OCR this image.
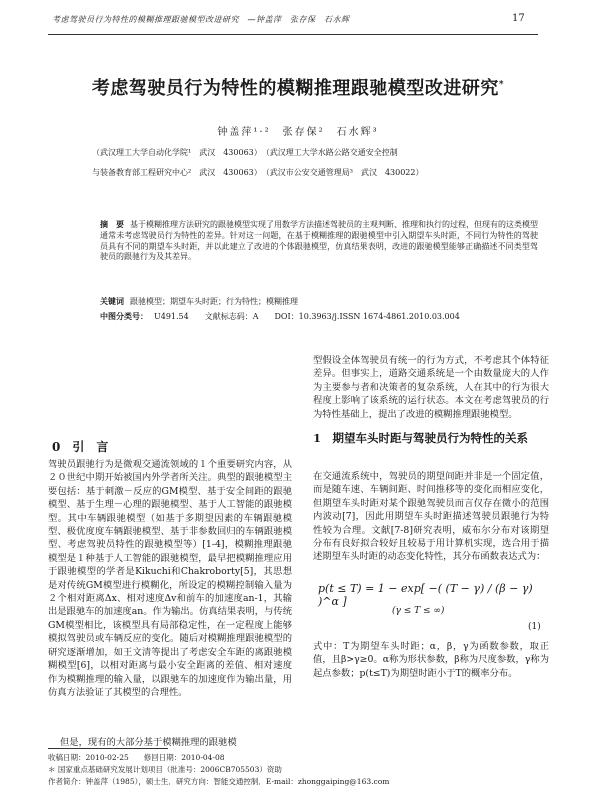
考虑驾驶员行为特性的模糊推理跟驰模型改进研究　—钟盖萍　张存保　石水辉	17
考虑驾驶员行为特性的模糊推理跟驰模型改进研究*
钟盖萍¹·²　张存保²　石水辉³
（武汉理工大学自动化学院¹　武汉　430063）　（武汉理工大学水路公路交通安全控制
与装备教育部工程研究中心²　武汉　430063）　（武汉市公安交通管理局³　武汉　430022）
摘　要 基于模糊推理方法研究的跟驰模型实现了用数学方法描述驾驶员的主观判断、推理和执行的过程，但现有的这类模型通常未考虑驾驶员行为特性的差异。针对这一问题，在基于模糊推理的跟驰模型中引入期望车头时距，不同行为特性的驾驶员具有不同的期望车头时距，并以此建立了改进的个体跟驰模型，仿真结果表明，改进的跟驰模型能够正确描述不同类型驾驶员的跟驰行为及其差异。
关键词 跟驰模型；期望车头时距；行为特性；模糊推理
中图分类号： U491.54　　文献标志码：A　　DOI：10.3963/j.ISSN 1674-4861.2010.03.004
0　引　言
驾驶员跟驰行为是微观交通流领域的１个重要研究内容，从２０世纪中期开始被国内外学者所关注。典型的跟驰模型主要包括：基于刺激－反应的GM模型、基于安全间距的跟驰模型、基于生理－心理的跟驰模型、基于人工智能的跟驰模型。其中车辆跟驰模型（如基于多期望因素的车辆跟驰模型、极优度度车辆跟驰模型、基于非参数回归的车辆跟驰模型、考虑驾驶员特性的跟驰模型等）[1-4]，模糊推理跟驰模型是１种基于人工智能的跟驰模型，最早把模糊推理应用于跟驰模型的学者是Kikuchi和Chakroborty[5]，其思想是对传统GM模型进行模糊化，所设定的模糊控制输入量为２个相对距离Δx、相对速度Δv和前车的加速度an-1，其输出是跟驰车的加速度an。作为输出。仿真结果表明，与传统GM模型相比，该模型具有局部稳定性，在一定程度上能够模拟驾驶员或车辆反应的变化。随后对模糊推理跟驰模型的研究逐渐增加，如王文清等提出了考虑安全车距的离跟驰模糊模型[6]，以相对距离与最小安全距离的差值、相对速度作为模糊推理的输入量，以跟驰车的加速度作为输出量，用仿真方法验证了其模型的合理性。
但是，现有的大部分基于模糊推理的跟驰模
型假设全体驾驶员有统一的行为方式，不考虑其个体特征差异。但事实上，道路交通系统是一个由数量庞大的人作为主要参与者和决策者的复杂系统，人在其中的行为很大程度上影响了该系统的运行状态。本文在考虑驾驶员的行为特性基础上，提出了改进的模糊推理跟驰模型。
1　期望车头时距与驾驶员行为特性的关系
在交通流系统中，驾驶员的期望间距并非是一个固定值，而是随车速、车辆间距、时间推移等的变化而相应变化，但期望车头时距对某个跟驰驾驶员而言仅存在微小的范围内波动[7]，因此用期望车头时距描述驾驶员跟驰行为特性较为合理。文献[7-8]研究表明，威布尔分布对该期望分布有良好拟合较好且较易于用计算机实现，选合用于描述期望车头时距的动态变化特性，其分布函数表达式为：
p(t ≤ T) = 1 − exp[ −( (T − γ) / (β − γ) )^α ]
(γ ≤ T ≤ ∞)
(1)
式中：T为期望车头时距；α，β，γ为函数参数，取正值，且β>γ≥0。α称为形状参数，β称为尺度参数，γ称为起点参数；p(t≤T)为期望时距小于T的概率分布。
收稿日期：2010-02-25　　修回日期：2010-04-08
＊ 国家重点基础研究发展计划项目（批准号：2006CB705503）资助
作者简介：钟盖萍（1985），硕士生．研究方向：智能交通控制．E-mail：zhonggaiping@163.com
